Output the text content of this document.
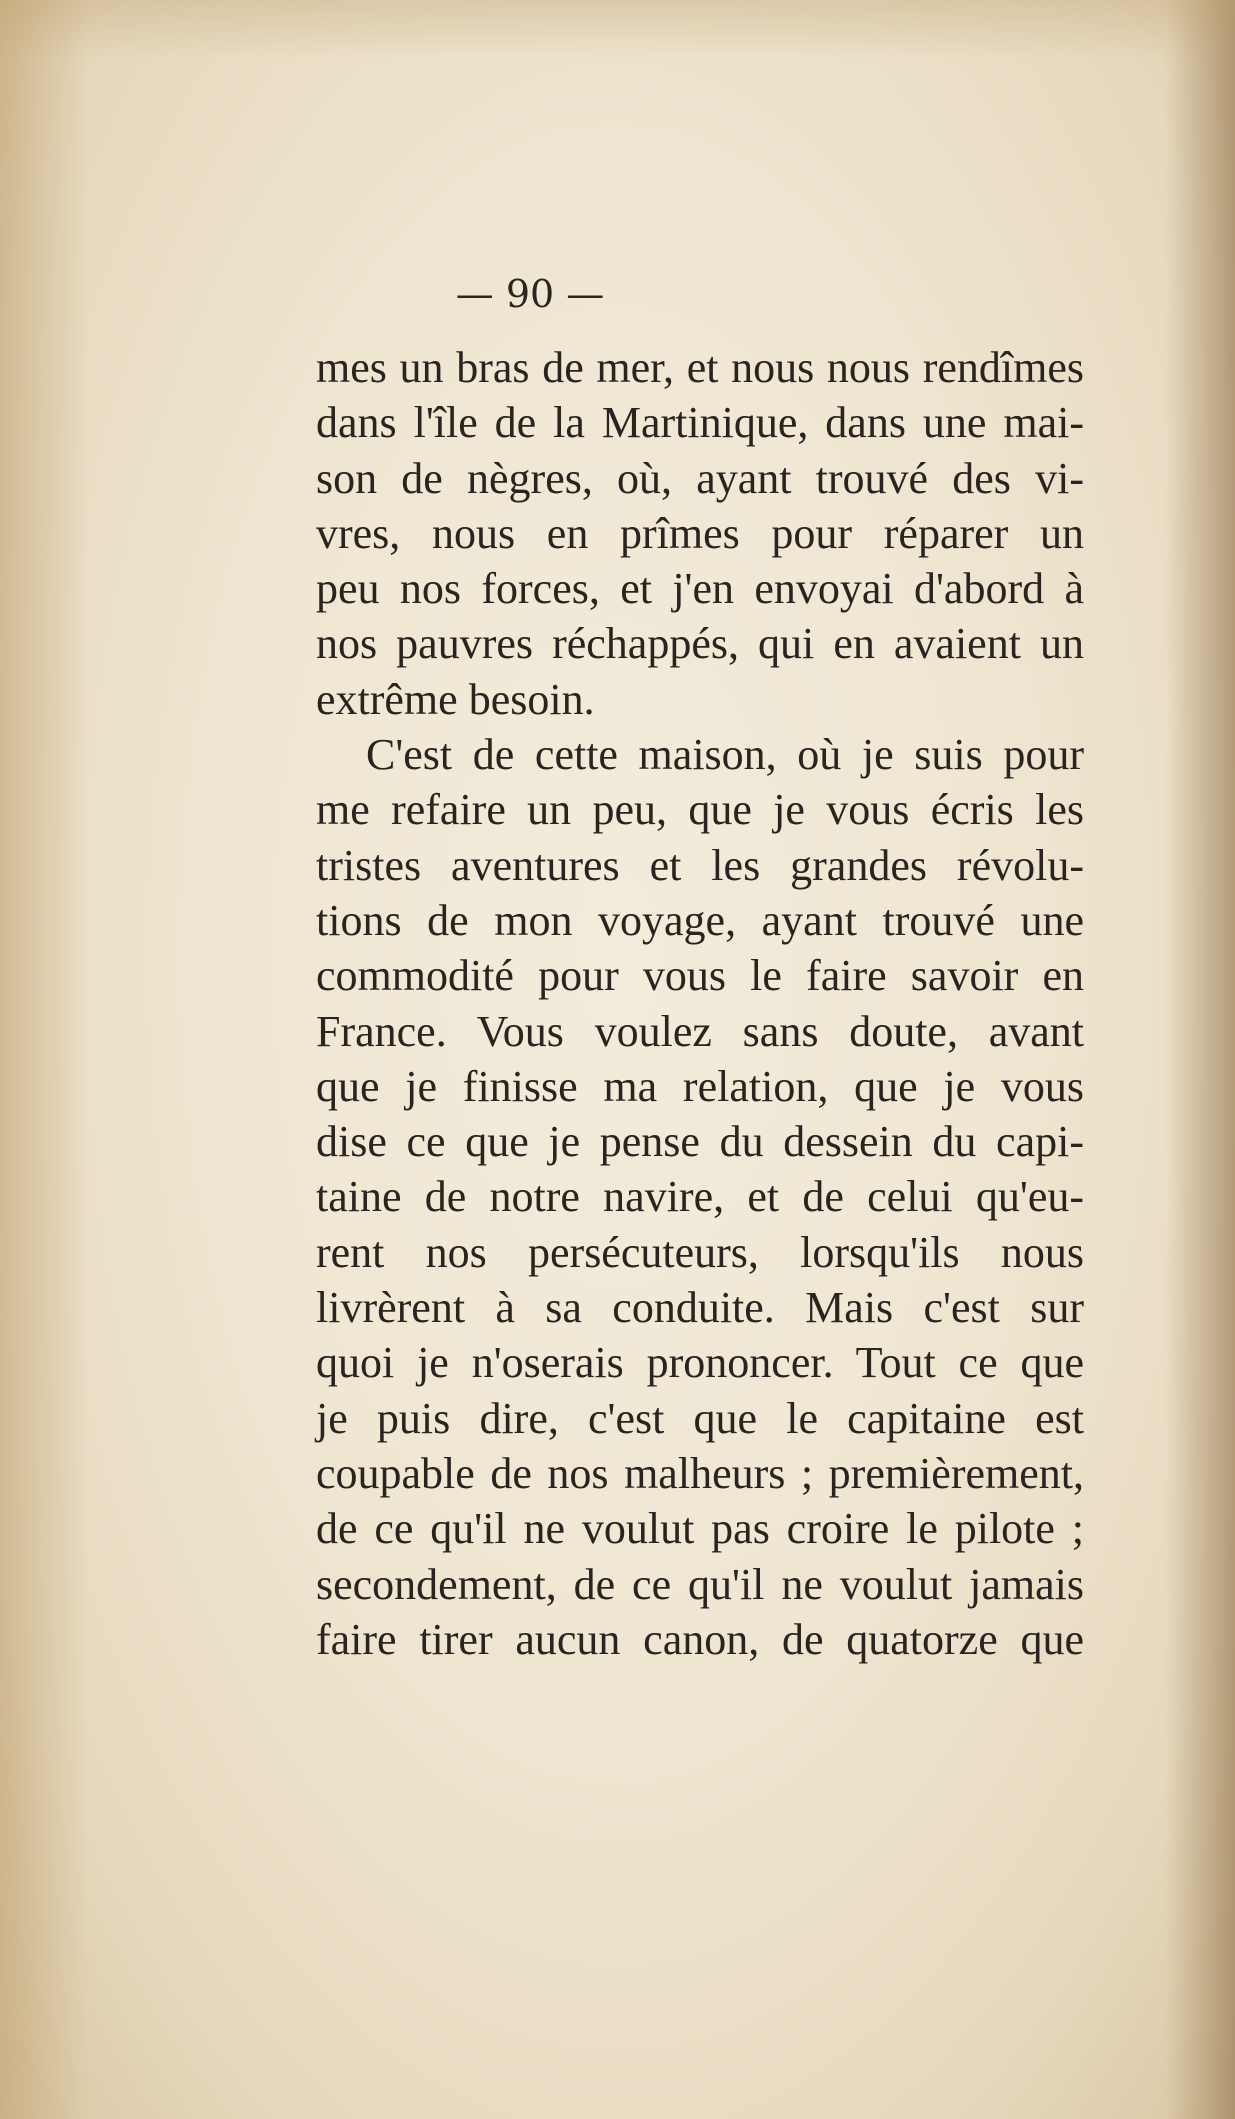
— 90 —
mes un bras de mer, et nous nous rendîmes
dans l'île de la Martinique, dans une mai-
son de nègres, où, ayant trouvé des vi-
vres, nous en prîmes pour réparer un
peu nos forces, et j'en envoyai d'abord à
nos pauvres réchappés, qui en avaient un
extrême besoin.
C'est de cette maison, où je suis pour
me refaire un peu, que je vous écris les
tristes aventures et les grandes révolu-
tions de mon voyage, ayant trouvé une
commodité pour vous le faire savoir en
France. Vous voulez sans doute, avant
que je finisse ma relation, que je vous
dise ce que je pense du dessein du capi-
taine de notre navire, et de celui qu'eu-
rent nos persécuteurs, lorsqu'ils nous
livrèrent à sa conduite. Mais c'est sur
quoi je n'oserais prononcer. Tout ce que
je puis dire, c'est que le capitaine est
coupable de nos malheurs ; premièrement,
de ce qu'il ne voulut pas croire le pilote ;
secondement, de ce qu'il ne voulut jamais
faire tirer aucun canon, de quatorze que
